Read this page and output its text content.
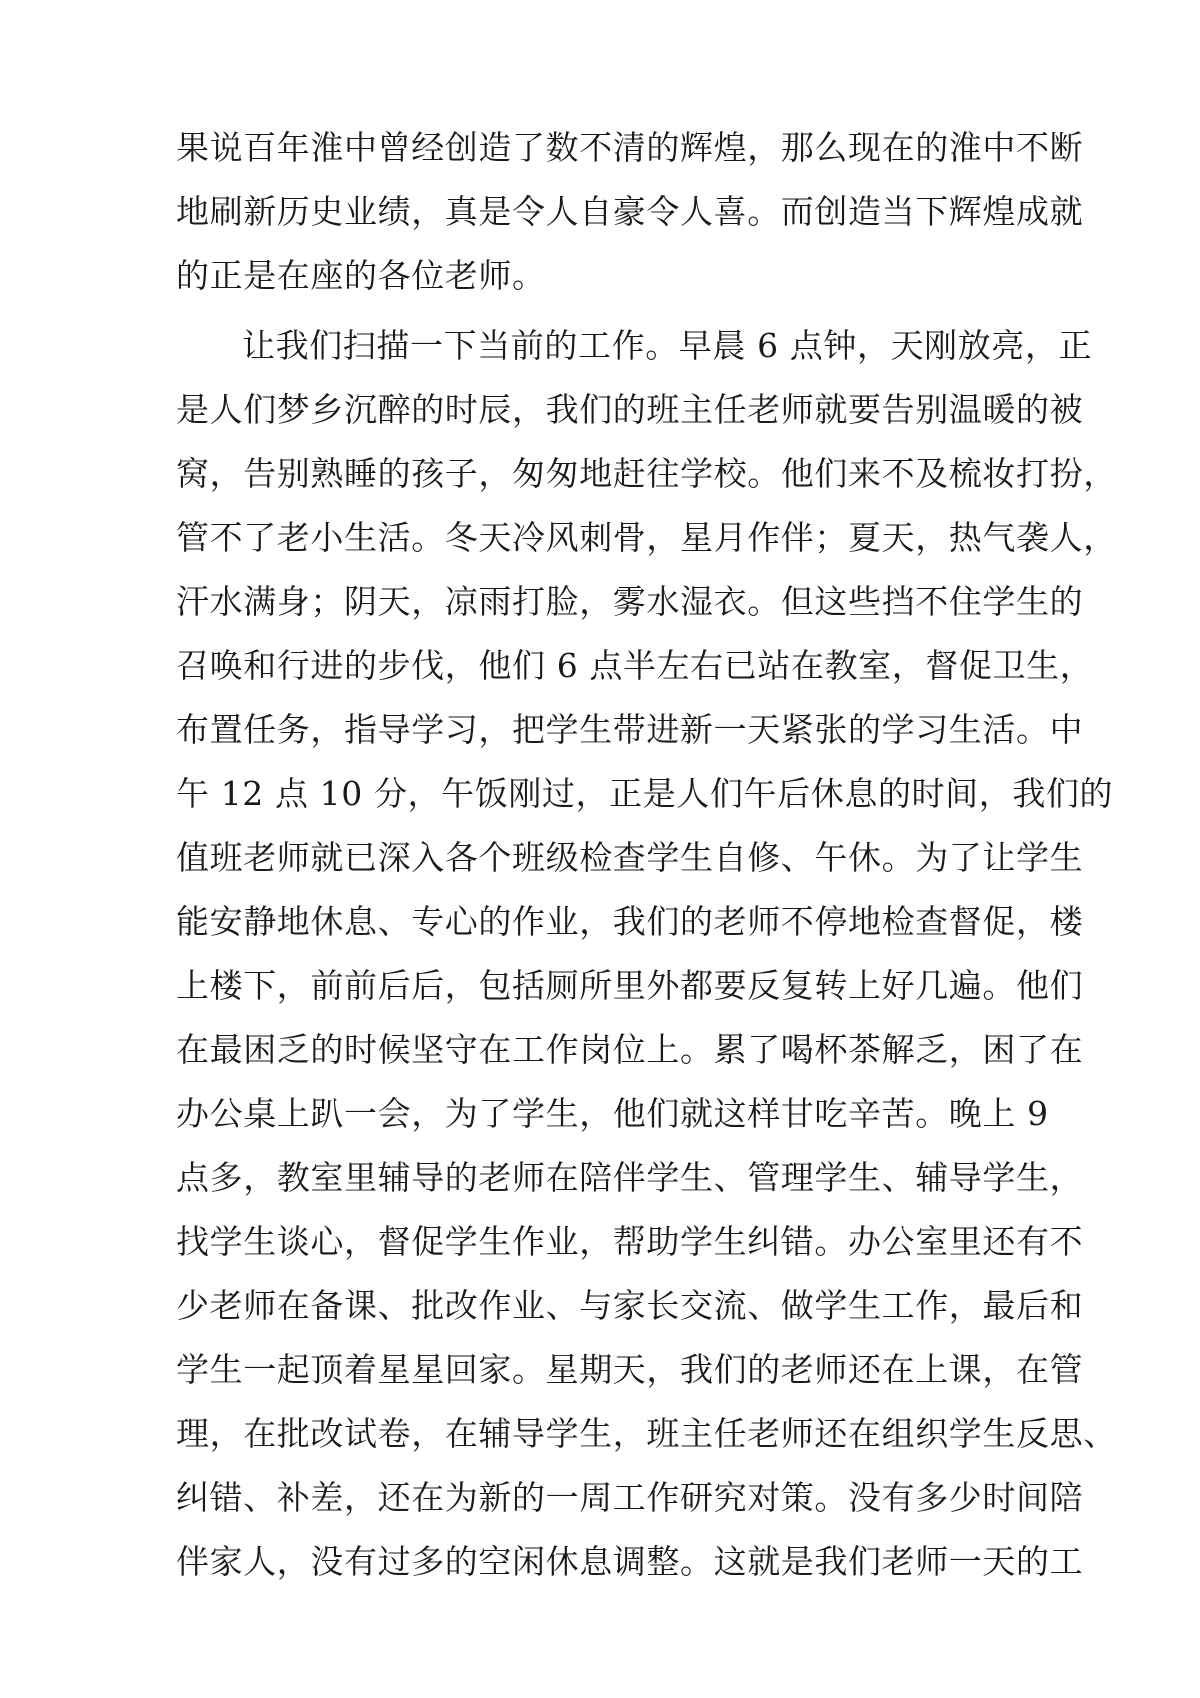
果说百年淮中曾经创造了数不清的辉煌，那么现在的淮中不断
地刷新历史业绩，真是令人自豪令人喜。而创造当下辉煌成就
的正是在座的各位老师。
让我们扫描一下当前的工作。早晨 6 点钟，天刚放亮，正
是人们梦乡沉醉的时辰，我们的班主任老师就要告别温暖的被
窝，告别熟睡的孩子，匆匆地赶往学校。他们来不及梳妆打扮，
管不了老小生活。冬天冷风刺骨，星月作伴；夏天，热气袭人，
汗水满身；阴天，凉雨打脸，雾水湿衣。但这些挡不住学生的
召唤和行进的步伐，他们 6 点半左右已站在教室，督促卫生，
布置任务，指导学习，把学生带进新一天紧张的学习生活。中
午 12 点 10 分，午饭刚过，正是人们午后休息的时间，我们的
值班老师就已深入各个班级检查学生自修、午休。为了让学生
能安静地休息、专心的作业，我们的老师不停地检查督促，楼
上楼下，前前后后，包括厕所里外都要反复转上好几遍。他们
在最困乏的时候坚守在工作岗位上。累了喝杯茶解乏，困了在
办公桌上趴一会，为了学生，他们就这样甘吃辛苦。晚上 9
点多，教室里辅导的老师在陪伴学生、管理学生、辅导学生，
找学生谈心，督促学生作业，帮助学生纠错。办公室里还有不
少老师在备课、批改作业、与家长交流、做学生工作，最后和
学生一起顶着星星回家。星期天，我们的老师还在上课，在管
理，在批改试卷，在辅导学生，班主任老师还在组织学生反思、
纠错、补差，还在为新的一周工作研究对策。没有多少时间陪
伴家人，没有过多的空闲休息调整。这就是我们老师一天的工
